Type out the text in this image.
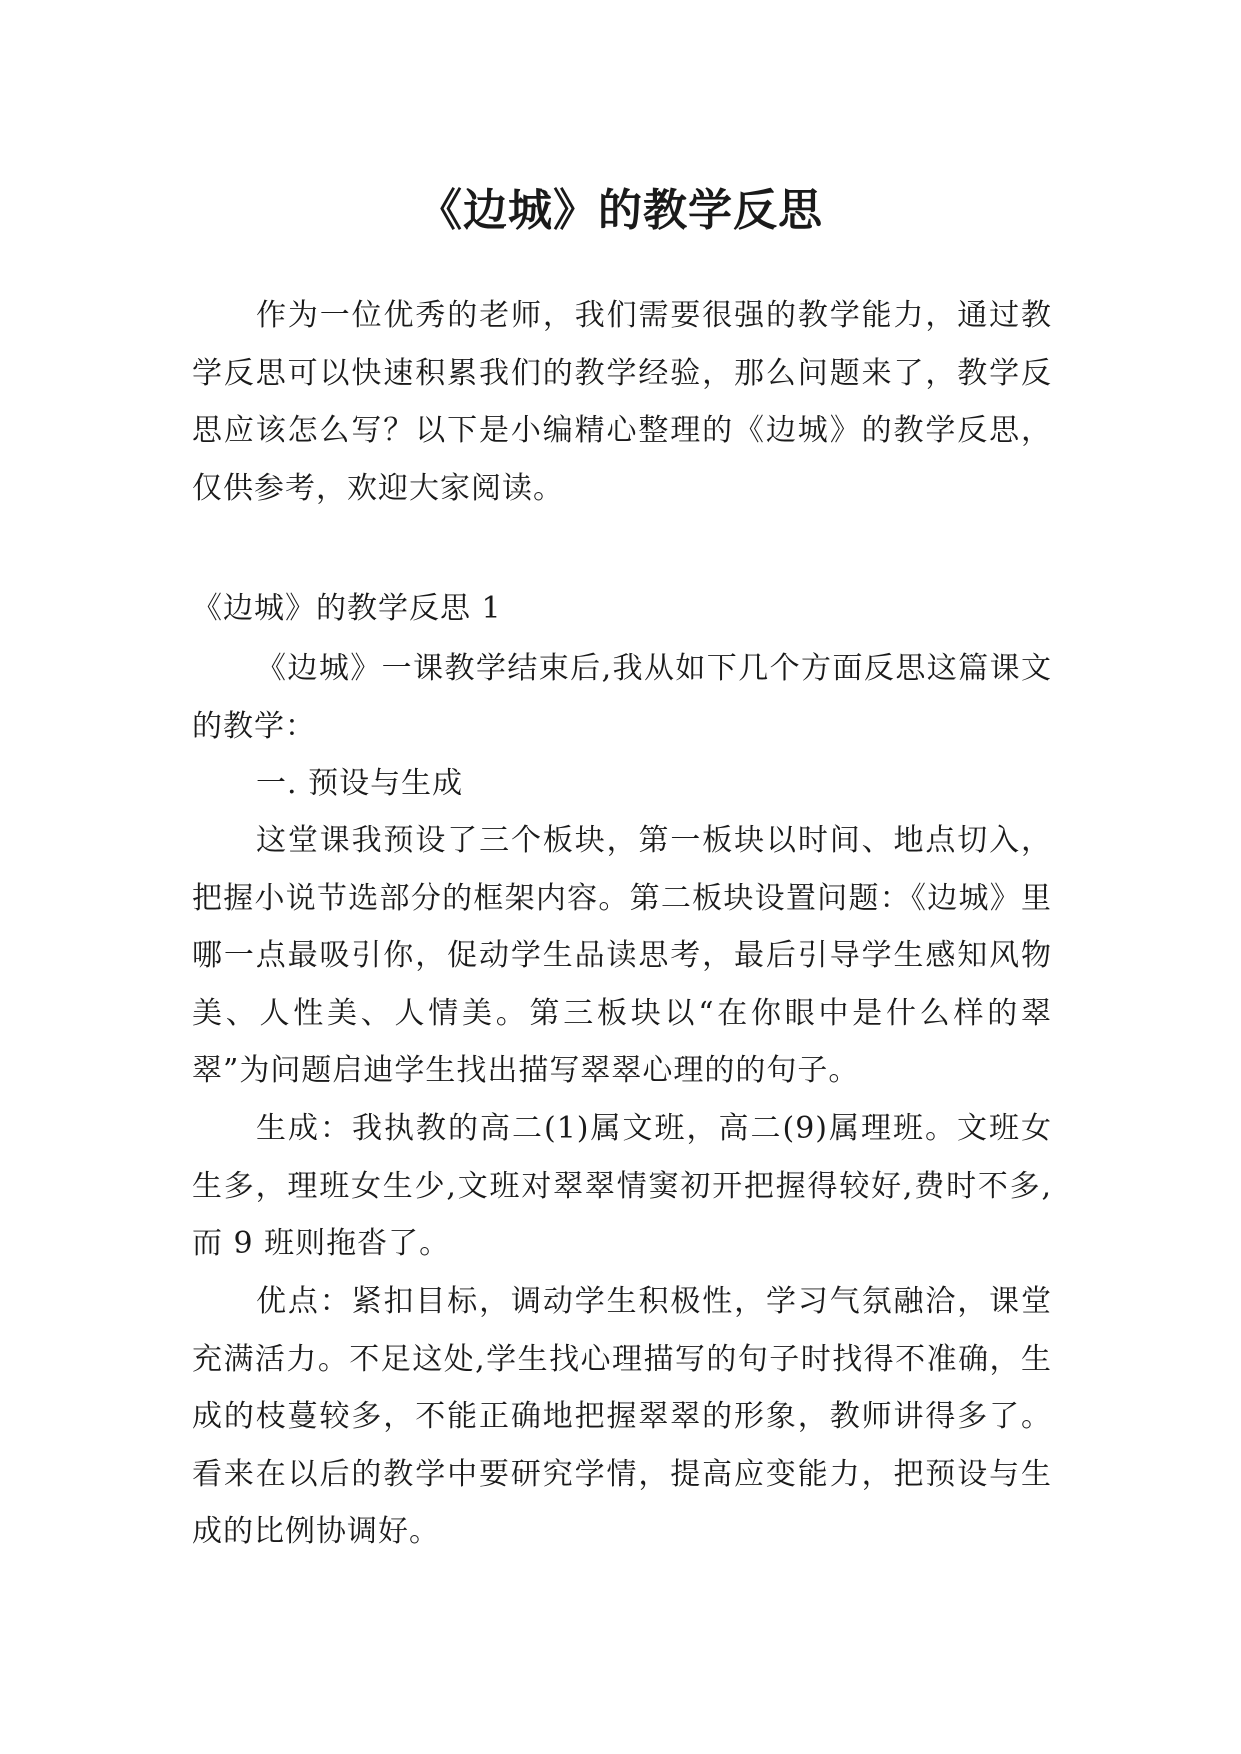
《边城》的教学反思

作为一位优秀的老师，我们需要很强的教学能力，通过教学反思可以快速积累我们的教学经验，那么问题来了，教学反思应该怎么写？以下是小编精心整理的《边城》的教学反思，仅供参考，欢迎大家阅读。

《边城》的教学反思 1

《边城》一课教学结束后,我从如下几个方面反思这篇课文的教学：

一. 预设与生成

这堂课我预设了三个板块，第一板块以时间、地点切入，把握小说节选部分的框架内容。第二板块设置问题：《边城》里哪一点最吸引你，促动学生品读思考，最后引导学生感知风物美、人性美、人情美。第三板块以“在你眼中是什么样的翠翠”为问题启迪学生找出描写翠翠心理的的句子。

生成：我执教的高二(1)属文班，高二(9)属理班。文班女生多，理班女生少,文班对翠翠情窦初开把握得较好,费时不多,而 9 班则拖沓了。

优点：紧扣目标，调动学生积极性，学习气氛融洽，课堂充满活力。不足这处,学生找心理描写的句子时找得不准确，生成的枝蔓较多，不能正确地把握翠翠的形象，教师讲得多了。看来在以后的教学中要研究学情，提高应变能力，把预设与生成的比例协调好。
